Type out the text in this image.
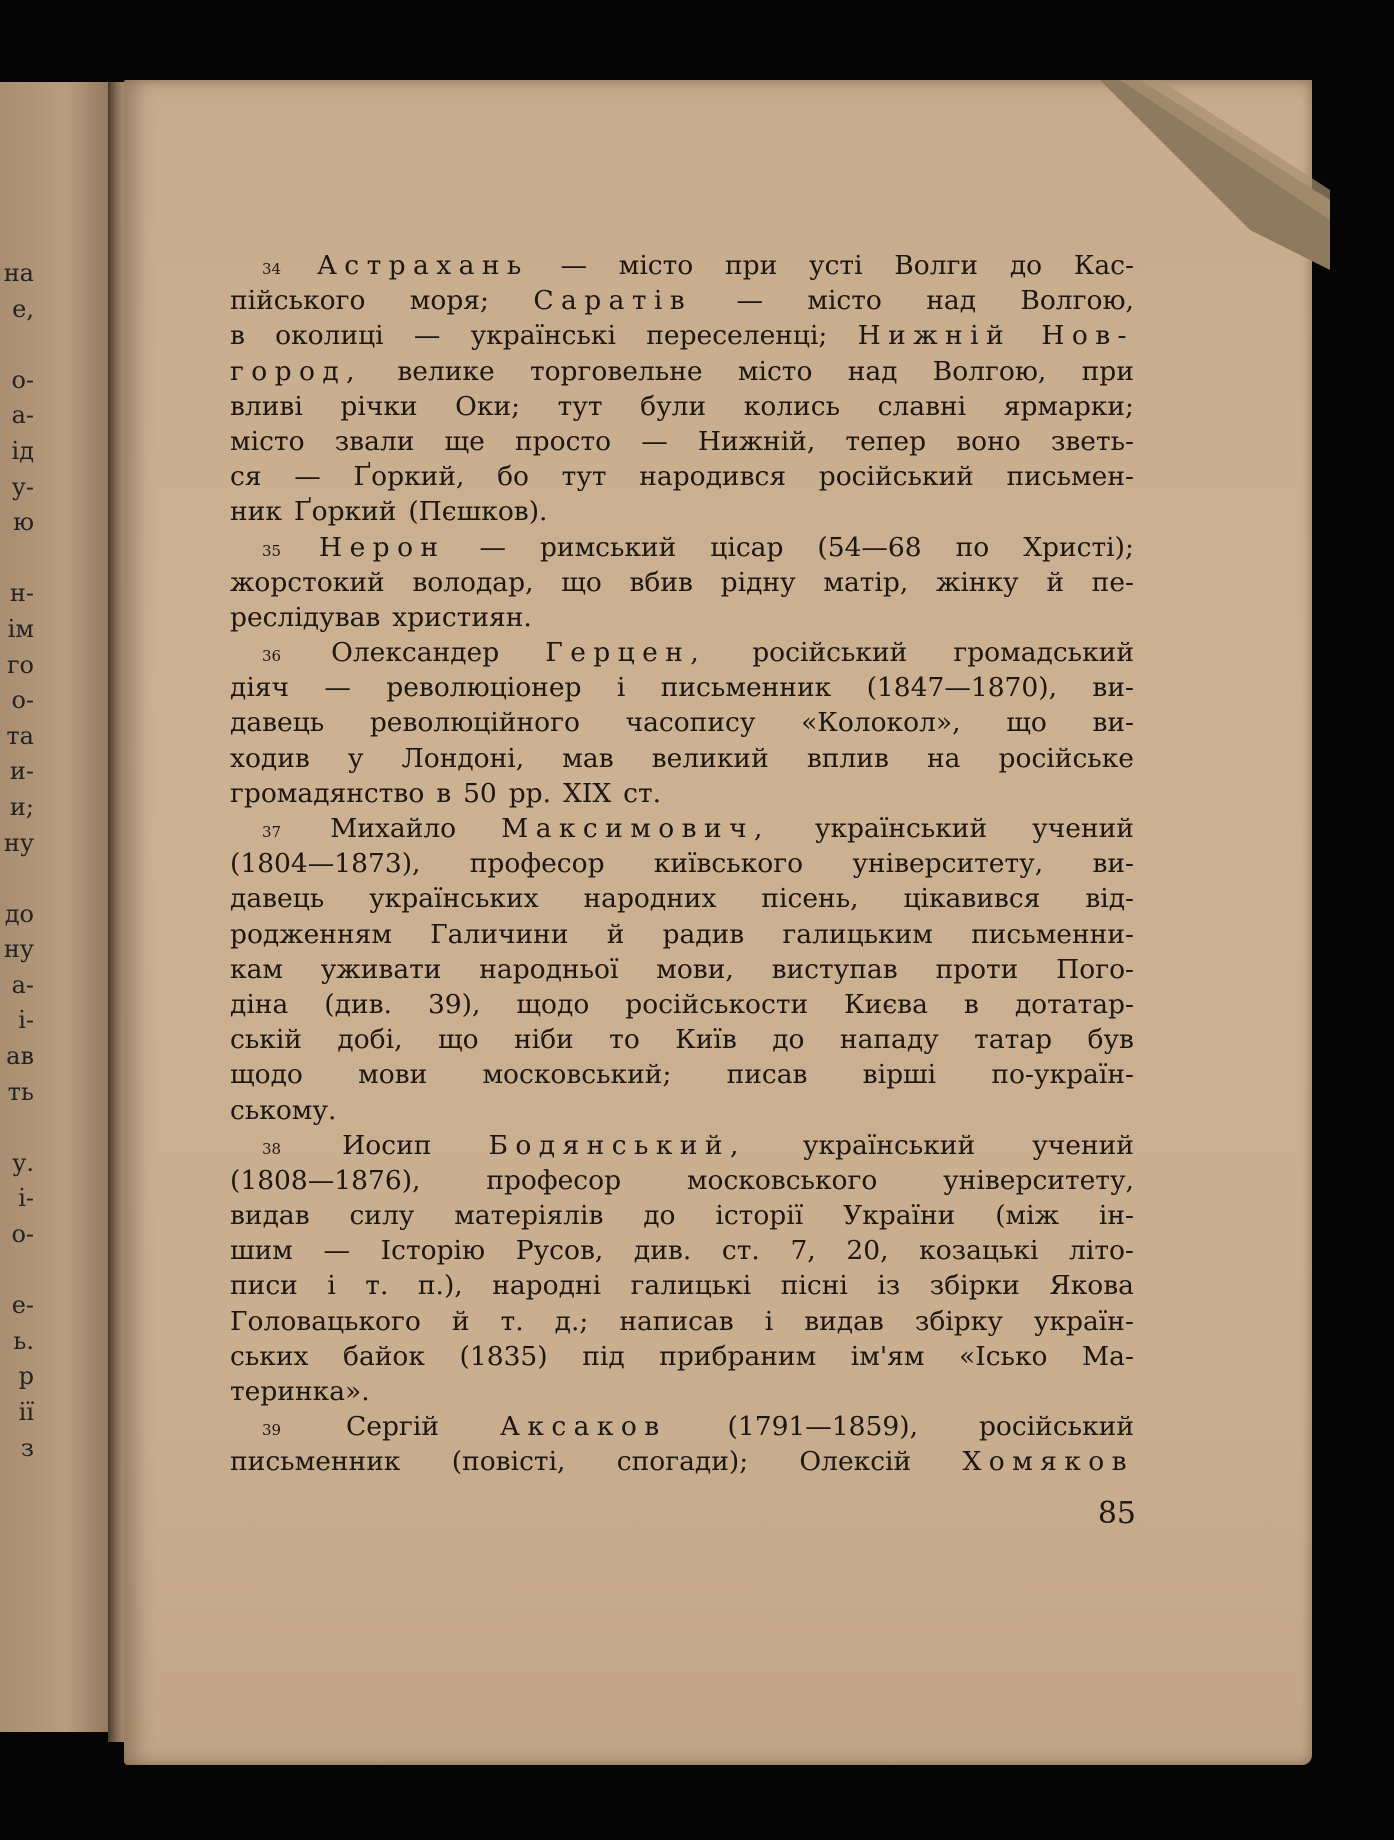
на
е,
о-
а-
ід
у-
ю
н-
ім
го
о-
та
и-
и;
ну
до
ну
а-
і-
ав
ть
у.
і-
о-
е-
ь.
р
ії
з
34 Астрахань — місто при усті Волги до Кас-
пійського моря; Саратів — місто над Волгою,
в околиці — українські переселенці; Нижній Нов-
город, велике торговельне місто над Волгою, при
вливі річки Оки; тут були колись славні ярмарки;
місто звали ще просто — Нижній, тепер воно зветь-
ся — Ґоркий, бо тут народився російський письмен-
ник Ґоркий (Пєшков).
35 Нерон — римський цісар (54—68 по Христі);
жорстокий володар, що вбив рідну матір, жінку й пе-
реслідував християн.
36 Олександер Герцен, російський громадський
діяч — революціонер і письменник (1847—1870), ви-
давець революційного часопису «Колокол», що ви-
ходив у Лондоні, мав великий вплив на російське
громадянство в 50 рр. XIX ст.
37 Михайло Максимович, український учений
(1804—1873), професор київського університету, ви-
давець українських народних пісень, цікавився від-
родженням Галичини й радив галицьким письменни-
кам уживати народньої мови, виступав проти Пого-
діна (див. 39), щодо російськости Києва в дотатар-
ській добі, що ніби то Київ до нападу татар був
щодо мови московський; писав вірші по-україн-
ському.
38 Иосип Бодянський, український учений
(1808—1876), професор московського університету,
видав силу матеріялів до історії України (між ін-
шим — Історію Русов, див. ст. 7, 20, козацькі літо-
писи і т. п.), народні галицькі пісні із збірки Якова
Головацького й т. д.; написав і видав збірку україн-
ських байок (1835) під прибраним ім'ям «Ісько Ма-
теринка».
39 Сергій Аксаков (1791—1859), російський
письменник (повісті, спогади); Олексій Хомяков
85
